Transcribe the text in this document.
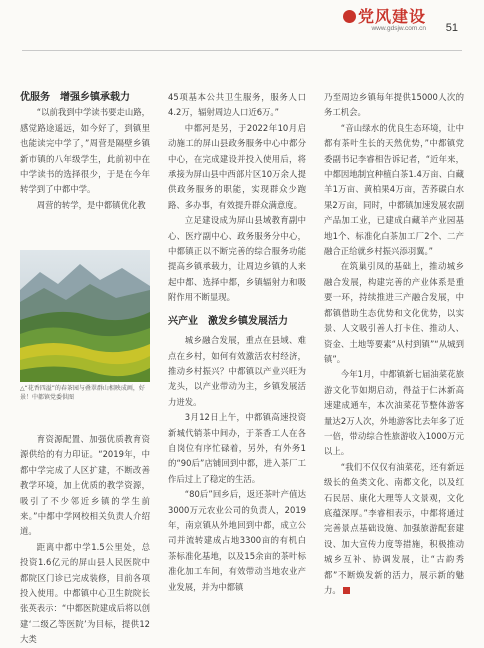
党风建设
www.gdsjw.com.cn 51

优服务　增强乡镇承载力

“以前我到中学读书要走山路，感觉路途遥远，如今好了，到镇里也能读完中学了，”周营是隔壁乡镇新市镇的八年级学生，此前初中在中学读书的选择很少，于是在今年转学到了中都中学。

周营的转学，是中都镇优化教

△“花香四溢”的春茶园与叠翠群山相映成画，好景！中都镇党委供图

育资源配置、加强优质教育资源供给的有力印证。“2019年，中都中学完成了人区扩建，不断改善教学环境，加上优质的教学资源，吸引了不少邻近乡镇的学生前来。”中都中学网校相关负责人介绍道。

距离中都中学1.5公里处，总投资1.6亿元的屏山县人民医院中都院区门诊已完成装修，目前各项投入使用。中都镇中心卫生院院长张英表示：“中都医院建成后将以创建‘二级乙等医院’为目标，提供12大类

45项基本公共卫生服务，服务人口4.2万，辐射周边人口近6万。”

中都河是另，于2022年10月启动施工的屏山县政务服务中心中都分中心，在完成建设并投入使用后，将承接为屏山县中西部片区10万余人提供政务服务的职能，实现群众少跑路、多办事，有效提升群众满意度。

立足建设成为屏山县域教育副中心、医疗副中心、政务服务分中心，中都镇正以不断完善的综合服务功能提高乡镇承载力，让周边乡镇的人来起中都、选择中都，乡镇辐射力和吸附作用不断显现。

兴产业　激发乡镇发展活力

城乡融合发展，重点在县域、难点在乡村，如何有效激活农村经济，推动乡村振兴？中都镇以产业兴旺为龙头，以产业带动为主，乡镇发展活力迸发。

3月12日上午，中都镇高速投资新城代销茶中间办，于茶香工人在各自岗位有序忙碌着，另外，有外务1的“90后”店铺回到中都，进入茶厂工作后过上了稳定的生活。

“80后”回乡后，返还茶叶产值达3000万元农业公司的负责人，2019年，南京镇从外地回到中都，成立公司并流转建成占地3300亩的有机白茶标准化基地，以及15余亩的茶叶标准化加工车间，有效带动当地农业产业发展，并为中都镇

乃至周边乡镇每年提供15000人次的务工机会。

“音山绿水的优良生态环境，让中都有茶叶生长的天然优势，”中都镇党委副书记李睿相告诉记者，“近年来，中都因地制宜种植白茶1.4万亩、白藏羊1万亩、黄柏果4万亩，苦荞碳白水果2万亩，同时，中都镇加速发展农副产品加工业，已建成白藏羊产业园基地1个、标准化白茶加工厂2个、二产融合正给就乡村振兴添羽翼。”

在筑巢引凤的基础上，推动城乡融合发展，构建完善的产业体系是重要一环，持续推进三产融合发展，中都镇借助生态优势和文化优势，以实景、人文吸引善人打卡住、推动人、资金、土地等要素“从村到镇”“从城到镇”。

今年1月，中都镇新七届油菜花旅游文化节如期启动，得益于仁沐新高速建成通车，本次油菜花节整体游客量达2万人次，外地游客比去年多了近一倍，带动综合性旅游收入1000万元以上。

“我们不仅仅有油菜花，还有新远级长的鱼类文化、南都文化，以及红石民居、康化大理等人文景观，文化底蕴深厚。”李睿相表示，中都将通过完善景点基础设施、加强旅游配套建设、加大宣传力度等措施，积极推动城乡互补、协调发展，让“古韵秀都”不断焕发新的活力，展示新的魅力。
